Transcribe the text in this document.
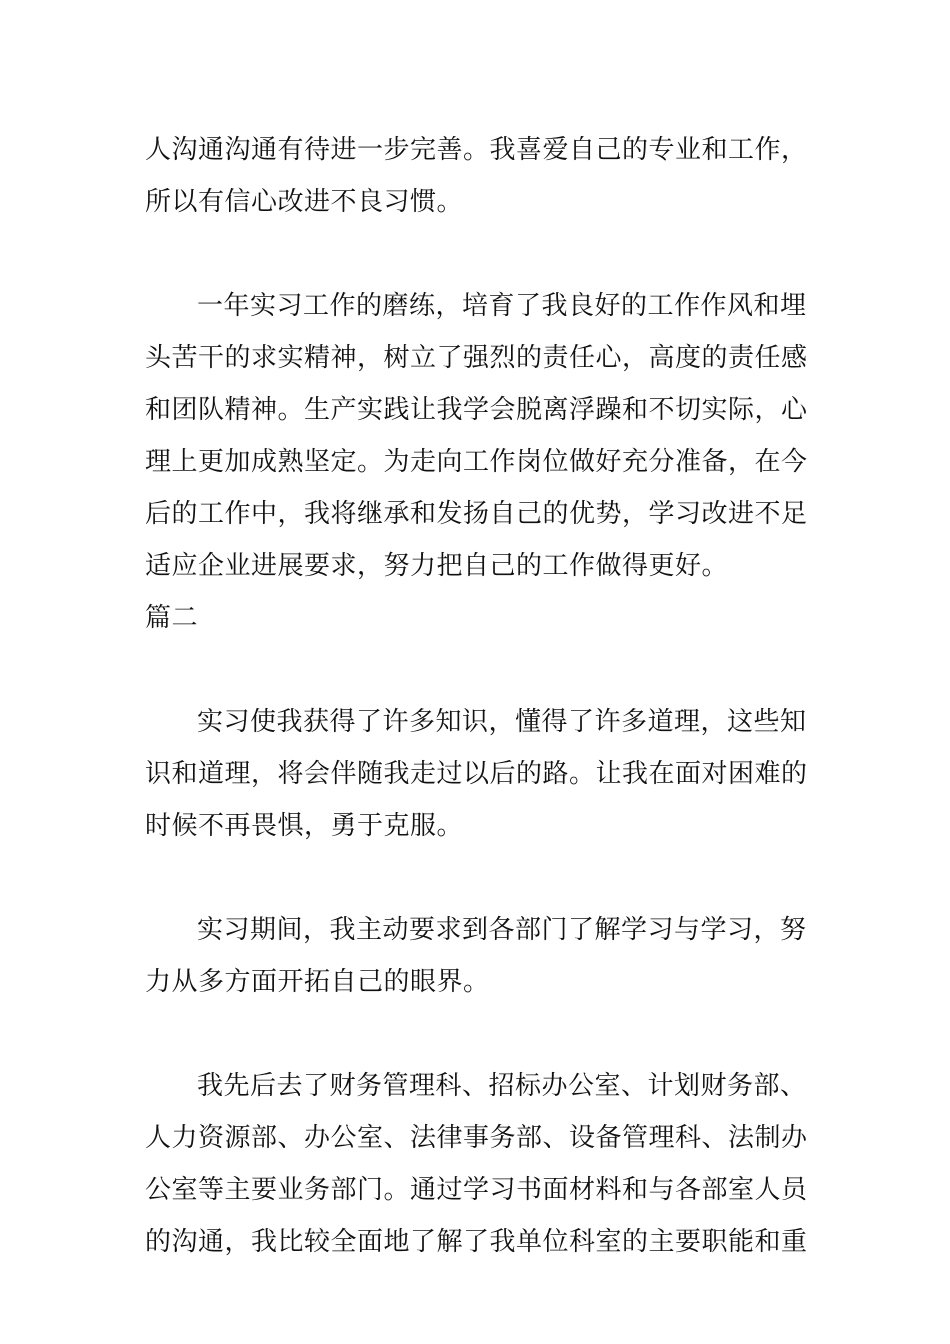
人沟通沟通有待进一步完善。我喜爱自己的专业和工作，
所以有信心改进不良习惯。
一年实习工作的磨练，培育了我良好的工作作风和埋
头苦干的求实精神，树立了强烈的责任心，高度的责任感
和团队精神。生产实践让我学会脱离浮躁和不切实际，心
理上更加成熟坚定。为走向工作岗位做好充分准备，在今
后的工作中，我将继承和发扬自己的优势，学习改进不足
适应企业进展要求，努力把自己的工作做得更好。
篇二
实习使我获得了许多知识，懂得了许多道理，这些知
识和道理，将会伴随我走过以后的路。让我在面对困难的
时候不再畏惧，勇于克服。
实习期间，我主动要求到各部门了解学习与学习，努
力从多方面开拓自己的眼界。
我先后去了财务管理科、招标办公室、计划财务部、
人力资源部、办公室、法律事务部、设备管理科、法制办
公室等主要业务部门。通过学习书面材料和与各部室人员
的沟通，我比较全面地了解了我单位科室的主要职能和重
